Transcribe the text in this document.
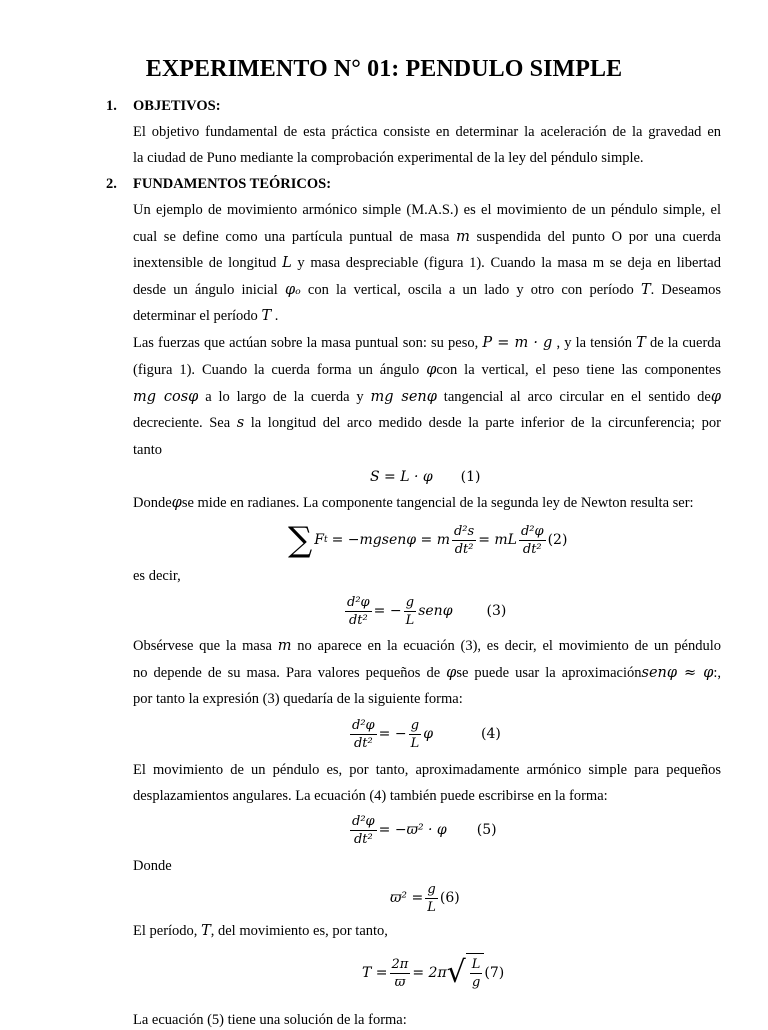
EXPERIMENTO N° 01: PENDULO SIMPLE
1. OBJETIVOS:
El objetivo fundamental de esta práctica consiste en determinar la aceleración de la gravedad en
la ciudad de Puno mediante la comprobación experimental de la ley del péndulo simple.
2. FUNDAMENTOS TEÓRICOS:
Un ejemplo de movimiento armónico simple (M.A.S.) es el movimiento de un péndulo simple, el
cual se define como una partícula puntual de masa m suspendida del punto O por una cuerda
inextensible de longitud L y masa despreciable (figura 1). Cuando la masa m se deja en libertad
desde un ángulo inicial φₒ con la vertical, oscila a un lado y otro con período T. Deseamos
determinar el período T .
Las fuerzas que actúan sobre la masa puntual son: su peso, P = m · g , y la tensión T de la cuerda
(figura 1). Cuando la cuerda forma un ángulo φcon la vertical, el peso tiene las componentes
mg cosφ a lo largo de la cuerda y mg senφ tangencial al arco circular en el sentido deφ
decreciente. Sea s la longitud del arco medido desde la parte inferior de la circunferencia; por
tanto
S = L · φ (1)
Dondeφse mide en radianes. La componente tangencial de la segunda ley de Newton resulta ser:
∑ F t = −mgsenφ = m $\frac{\text{d²s}}{\text{dt²}}$ = mL $\frac{\text{d²φ}}{\text{dt²}} (2)$
es decir,
$\frac{\text{d²φ}}{\text{dt²}}$ = − $\frac{g}{L}$ senφ (3)
Obsérvese que la masa m no aparece en la ecuación (3), es decir, el movimiento de un péndulo
no depende de su masa. Para valores pequeños de φse puede usar la aproximaciónsenφ ≈ φ:,
por tanto la expresión (3) quedaría de la siguiente forma:
$\frac{\text{d²φ}}{\text{dt²}}$ = − $\frac{g}{L}$ φ	(4)
El movimiento de un péndulo es, por tanto, aproximadamente armónico simple para pequeños
desplazamientos angulares. La ecuación (4) también puede escribirse en la forma:
$\frac{\text{d²φ}}{\text{dt²}} = -ϖ^2 \cdot \varphi$ (5)
Donde
$ϖ^2 = \frac{g}{L} (6)$
El período, T, del movimiento es, por tanto,
$T = \frac{2\pi}{ϖ} = 2\pi$ √ $\frac{L}{g} (7)$
La ecuación (5) tiene una solución de la forma:
